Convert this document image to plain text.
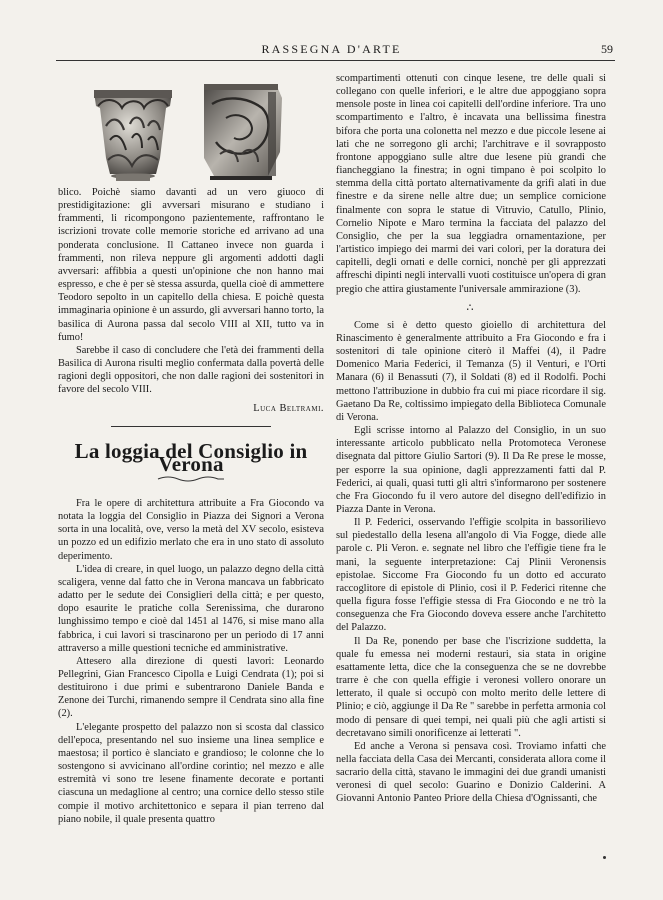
RASSEGNA D'ARTE	59

blico. Poichè siamo davanti ad un vero giuoco di prestidigitazione: gli avversari misurano e studiano i frammenti, li ricompongono pazientemente, raffrontano le iscrizioni trovate colle memorie storiche ed arrivano ad una ponderata conclusione. Il Cattaneo invece non guarda i frammenti, non rileva neppure gli argomenti addotti dagli avversari: affibbia a questi un'opinione che non hanno mai espresso, e che è per sè stessa assurda, quella cioè di ammettere Teodoro sepolto in un capitello della chiesa. E poichè questa immaginaria opinione è un assurdo, gli avversari hanno torto, la basilica di Aurona passa dal secolo VIII al XII, tutto va in fumo!

Sarebbe il caso di concludere che l'età dei frammenti della Basilica di Aurona risulti meglio confermata dalla povertà delle ragioni degli oppositori, che non dalle ragioni dei sostenitori in favore del secolo VIII.

Luca Beltrami.
La loggia del Consiglio in Verona

Fra le opere di architettura attribuite a Fra Giocondo va notata la loggia del Consiglio in Piazza dei Signori a Verona sorta in una località, ove, verso la metà del XV secolo, esisteva un pozzo ed un edifizio merlato che era in uno stato di assoluto deperimento.

L'idea di creare, in quel luogo, un palazzo degno della città scaligera, venne dal fatto che in Verona mancava un fabbricato adatto per le sedute dei Consiglieri della città; e per questo, dopo esaurite le pratiche colla Serenissima, che durarono lunghissimo tempo e cioè dal 1451 al 1476, si mise mano alla fabbrica, i cui lavori si trascinarono per un periodo di 17 anni attraverso a mille questioni tecniche ed amministrative.

Attesero alla direzione di questi lavori: Leonardo Pellegrini, Gian Francesco Cipolla e Luigi Cendrata (1); poi si destituirono i due primi e subentrarono Daniele Banda e Zenone dei Turchi, rimanendo sempre il Cendrata sino alla fine (2).

L'elegante prospetto del palazzo non si scosta dal classico dell'epoca, presentando nel suo insieme una linea semplice e maestosa; il portico è slanciato e grandioso; le colonne che lo sostengono si avvicinano all'ordine corintio; nel mezzo e alle estremità vi sono tre lesene finamente decorate e portanti ciascuna un medaglione al centro; una cornice dello stesso stile compie il motivo architettonico e separa il pian terreno dal piano nobile, il quale presenta quattro

scompartimenti ottenuti con cinque lesene, tre delle quali si collegano con quelle inferiori, e le altre due appoggiano sopra mensole poste in linea coi capitelli dell'ordine inferiore. Tra uno scompartimento e l'altro, è incavata una bellissima finestra bifora che porta una colonetta nel mezzo e due piccole lesene ai lati che ne sorregono gli archi; l'architrave e il sovrapposto frontone appoggiano sulle altre due lesene più grandi che fiancheggiano la finestra; in ogni timpano è poi scolpito lo stemma della città portato alternativamente da grifi alati in due finestre e da sirene nelle altre due; un semplice cornicione finalmente con sopra le statue di Vitruvio, Catullo, Plinio, Cornelio Nipote e Maro termina la facciata del palazzo del Consiglio, che per la sua leggiadra ornamentazione, per l'artistico impiego dei marmi dei vari colori, per la doratura dei capitelli, degli ornati e delle cornici, nonchè per gli apprezzati affreschi dipinti negli intervalli vuoti costituisce un'opera di gran pregio che attira giustamente l'universale ammirazione (3).

∴

Come si è detto questo gioiello di architettura del Rinascimento è generalmente attribuito a Fra Giocondo e fra i sostenitori di tale opinione citerò il Maffei (4), il Padre Domenico Maria Federici, il Temanza (5) il Venturi, e l'Orti Manara (6) il Benassuti (7), il Soldati (8) ed il Rodolfi. Pochi mettono l'attribuzione in dubbio fra cui mi piace ricordare il sig. Gaetano Da Re, coltissimo impiegato della Biblioteca Comunale di Verona.

Egli scrisse intorno al Palazzo del Consiglio, in un suo interessante articolo pubblicato nella Protomoteca Veronese disegnata dal pittore Giulio Sartori (9). Il Da Re prese le mosse, per esporre la sua opinione, dagli apprezzamenti fatti dal P. Federici, ai quali, quasi tutti gli altri s'informarono per sostenere che Fra Giocondo fu il vero autore del disegno dell'edifizio in Piazza Dante in Verona.

Il P. Federici, osservando l'effigie scolpita in bassorilievo sul piedestallo della lesena all'angolo di Via Fogge, diede alle parole c. Pli Veron. e. segnate nel libro che l'effigie tiene fra le mani, la seguente interpretazione: Caj Plinii Veronensis epistolae. Siccome Fra Giocondo fu un dotto ed accurato raccoglitore di epistole di Plinio, così il P. Federici ritenne che quella figura fosse l'effigie stessa di Fra Giocondo e ne trò la conseguenza che Fra Giocondo doveva essere anche l'architetto del Palazzo.

Il Da Re, ponendo per base che l'iscrizione suddetta, la quale fu emessa nei moderni restauri, sia stata in origine esattamente letta, dice che la conseguenza che se ne dovrebbe trarre è che con quella effigie i veronesi vollero onorare un letterato, il quale si occupò con molto merito delle lettere di Plinio; e ciò, aggiunge il Da Re " sarebbe in perfetta armonia col modo di pensare di quei tempi, nei quali più che agli artisti si decretavano simili onorificenze ai letterati ".

Ed anche a Verona si pensava così. Troviamo infatti che nella facciata della Casa dei Mercanti, considerata allora come il sacrario della città, stavano le immagini dei due grandi umanisti veronesi di quel secolo: Guarino e Donizio Calderini. A Giovanni Antonio Panteo Priore della Chiesa d'Ognissanti, che
